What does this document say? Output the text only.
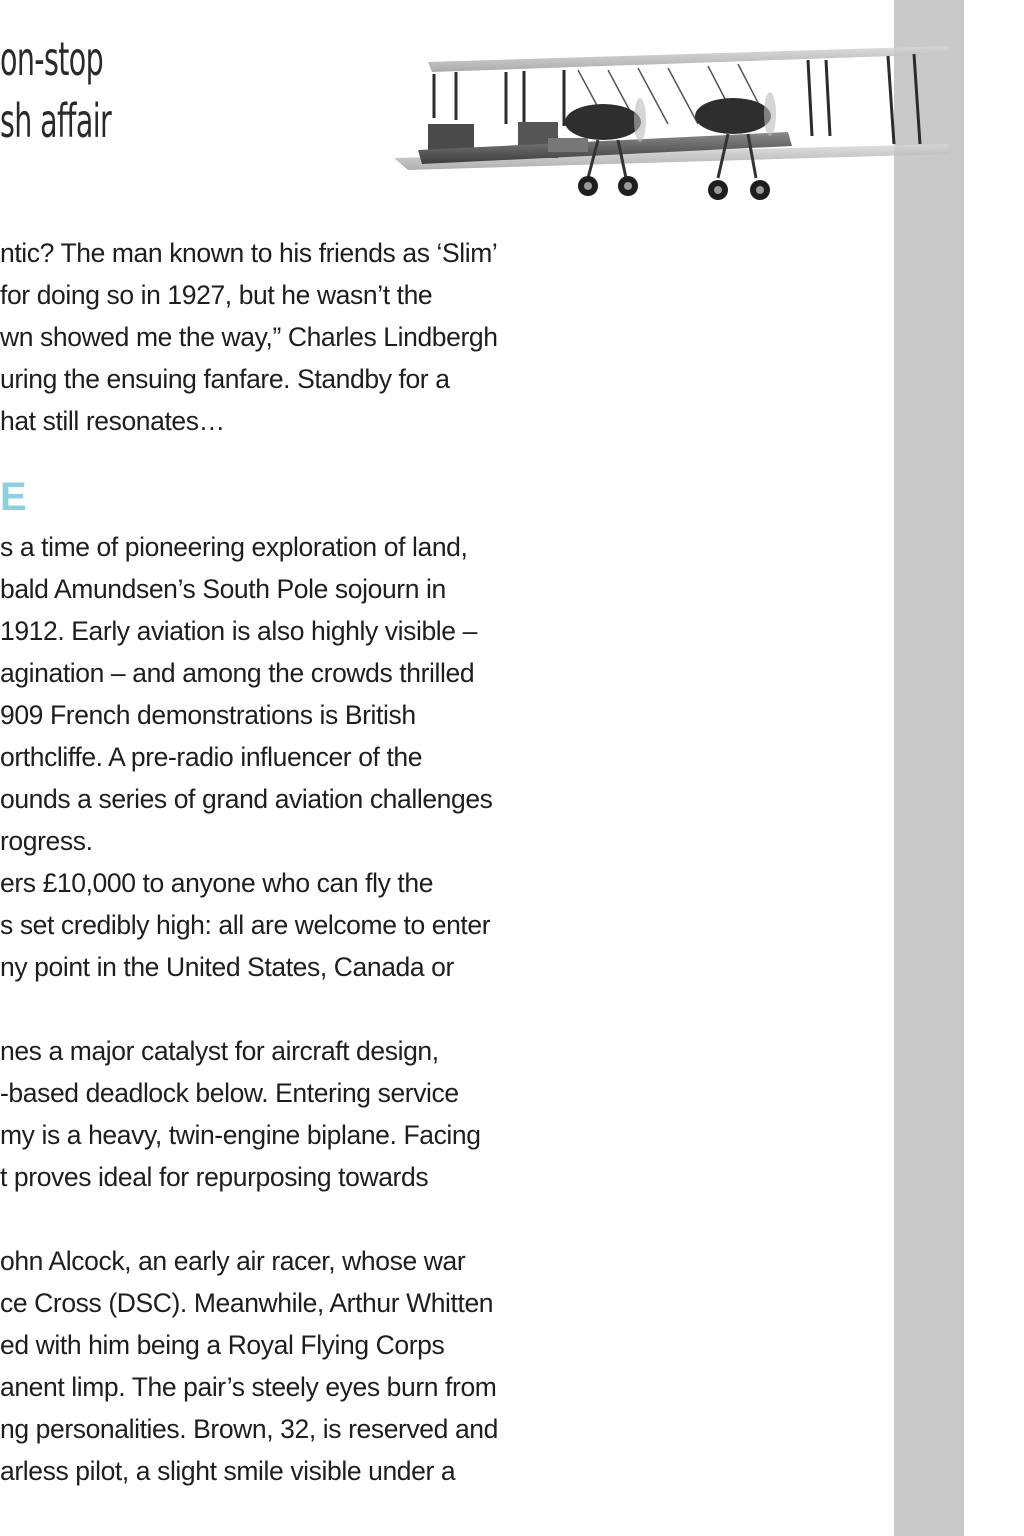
on-stop
sh affair
ntic? The man known to his friends as ‘Slim’
for doing so in 1927, but he wasn’t the
wn showed me the way,” Charles Lindbergh
uring the ensuing fanfare. Standby for a
hat still resonates…
E
s a time of pioneering exploration of land,
bald Amundsen’s South Pole sojourn in
1912. Early aviation is also highly visible –
agination – and among the crowds thrilled
909 French demonstrations is British
orthcliffe. A pre-radio influencer of the
ounds a series of grand aviation challenges
rogress.
ers £10,000 to anyone who can fly the
s set credibly high: all are welcome to enter
ny point in the United States, Canada or
nes a major catalyst for aircraft design,
-based deadlock below. Entering service
my is a heavy, twin-engine biplane. Facing
t proves ideal for repurposing towards
ohn Alcock, an early air racer, whose war
ce Cross (DSC). Meanwhile, Arthur Whitten
ed with him being a Royal Flying Corps
anent limp. The pair’s steely eyes burn from
ng personalities. Brown, 32, is reserved and
arless pilot, a slight smile visible under a
